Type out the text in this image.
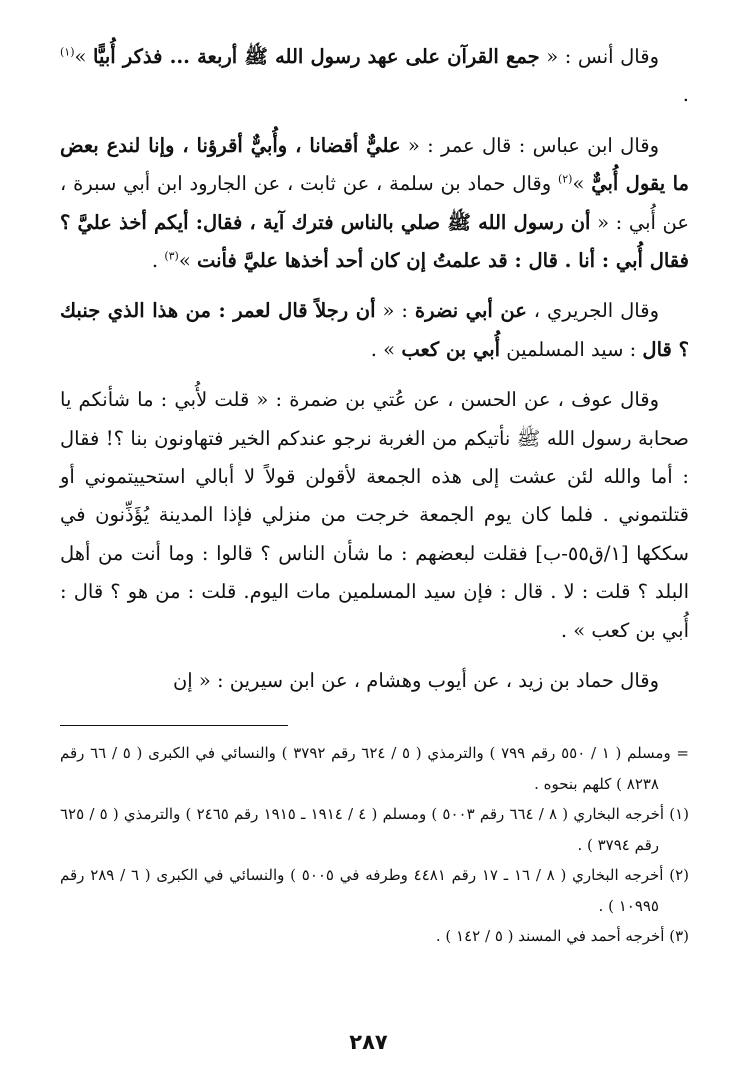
وقال أنس : « جمع القرآن على عهد رسول الله ﷺ أربعة ... فذكر أُبيًّا »$^{(١)}$ .

وقال ابن عباس : قال عمر : « عليٌّ أقضانا ، وأُبيٌّ أقرؤنا ، وإنا لندع بعض ما يقول أُبيٌّ »$^{(٢)}$ وقال حماد بن سلمة ، عن ثابت ، عن الجارود ابن أبي سبرة ، عن أُبي : « أن رسول الله ﷺ صلي بالناس فترك آية ، فقال: أيكم أخذ عليَّ ؟ فقال أُبي : أنا . قال : قد علمتُ إن كان أحد أخذها عليَّ فأنت »$^{(٣)}$ .

وقال الجريري ، عن أبي نضرة : « أن رجلاً قال لعمر : من هذا الذي جنبك ؟ قال : سيد المسلمين أُبي بن كعب » .

وقال عوف ، عن الحسن ، عن عُتي بن ضمرة : « قلت لأُبي : ما شأنكم يا صحابة رسول الله ﷺ نأتيكم من الغربة نرجو عندكم الخير فتهاونون بنا ؟! فقال : أما والله لئن عشت إلى هذه الجمعة لأقولن قولاً لا أبالي استحييتموني أو قتلتموني . فلما كان يوم الجمعة خرجت من منزلي فإذا المدينة يُؤَذِّنون في سككها [١/ق٥٥-ب] فقلت لبعضهم : ما شأن الناس ؟ قالوا : وما أنت من أهل البلد ؟ قلت : لا . قال : فإن سيد المسلمين مات اليوم. قلت : من هو ؟ قال : أُبي بن كعب » .

وقال حماد بن زيد ، عن أيوب وهشام ، عن ابن سيرين : « إن

= ومسلم ( ١ / ٥٥٠ رقم ٧٩٩ ) والترمذي ( ٥ / ٦٢٤ رقم ٣٧٩٢ ) والنسائي في الكبرى ( ٥ / ٦٦ رقم ٨٢٣٨ ) كلهم بنحوه .

(١) أخرجه البخاري ( ٨ / ٦٦٤ رقم ٥٠٠٣ ) ومسلم ( ٤ / ١٩١٤ ـ ١٩١٥ رقم ٢٤٦٥ ) والترمذي ( ٥ / ٦٢٥ رقم ٣٧٩٤ ) .

(٢) أخرجه البخاري ( ٨ / ١٦ ـ ١٧ رقم ٤٤٨١ وطرفه في ٥٠٠٥ ) والنسائي في الكبرى ( ٦ / ٢٨٩ رقم ١٠٩٩٥ ) .

(٣) أخرجه أحمد في المسند ( ٥ / ١٤٢ ) .

٢٨٧
